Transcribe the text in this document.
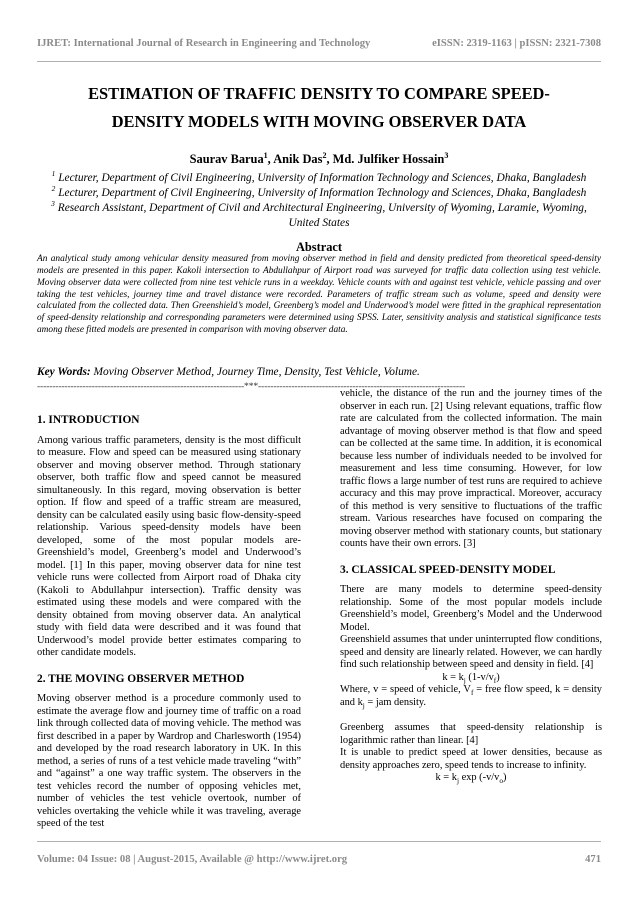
IJRET: International Journal of Research in Engineering and Technology	eISSN: 2319-1163 | pISSN: 2321-7308
ESTIMATION OF TRAFFIC DENSITY TO COMPARE SPEED-
DENSITY MODELS WITH MOVING OBSERVER DATA
Saurav Barua$^1$, Anik Das$^2$, Md. Julfiker Hossain$^3$
$^1$ Lecturer, Department of Civil Engineering, University of Information Technology and Sciences, Dhaka, Bangladesh
$^2$ Lecturer, Department of Civil Engineering, University of Information Technology and Sciences, Dhaka, Bangladesh
$^3$ Research Assistant, Department of Civil and Architectural Engineering, University of Wyoming, Laramie, Wyoming, United States
Abstract
An analytical study among vehicular density measured from moving observer method in field and density predicted from theoretical speed-density models are presented in this paper. Kakoli intersection to Abdullahpur of Airport road was surveyed for traffic data collection using test vehicle. Moving observer data were collected from nine test vehicle runs in a weekday. Vehicle counts with and against test vehicle, vehicle passing and over taking the test vehicles, journey time and travel distance were recorded. Parameters of traffic stream such as volume, speed and density were calculated from the collected data. Then Greenshield’s model, Greenberg’s model and Underwood’s model were fitted in the graphical representation of speed-density relationship and corresponding parameters were determined using SPSS. Later, sensitivity analysis and statistical significance tests among these fitted models are presented in comparison with moving observer data.
Key Words: Moving Observer Method, Journey Time, Density, Test Vehicle, Volume.
--------------------------------------------------------------------***--------------------------------------------------------------------

1. INTRODUCTION

Among various traffic parameters, density is the most difficult to measure. Flow and speed can be measured using stationary observer and moving observer method. Through stationary observer, both traffic flow and speed cannot be measured simultaneously. In this regard, moving observation is better option. If flow and speed of a traffic stream are measured, density can be calculated easily using basic flow-density-speed relationship. Various speed-density models have been developed, some of the most popular models are- Greenshield’s model, Greenberg’s model and Underwood’s model. [1] In this paper, moving observer data for nine test vehicle runs were collected from Airport road of Dhaka city (Kakoli to Abdullahpur intersection). Traffic density was estimated using these models and were compared with the density obtained from moving observer data. An analytical study with field data were described and it was found that Underwood’s model provide better estimates comparing to other candidate models.

2. THE MOVING OBSERVER METHOD

Moving observer method is a procedure commonly used to estimate the average flow and journey time of traffic on a road link through collected data of moving vehicle. The method was first described in a paper by Wardrop and Charlesworth (1954) and developed by the road research laboratory in UK. In this method, a series of runs of a test vehicle made traveling “with” and “against” a one way traffic system. The observers in the test vehicles record the number of opposing vehicles met, number of vehicles the test vehicle overtook, number of vehicles overtaking the vehicle while it was traveling, average speed of the test

vehicle, the distance of the run and the journey times of the observer in each run. [2] Using relevant equations, traffic flow rate are calculated from the collected information. The main advantage of moving observer method is that flow and speed can be collected at the same time. In addition, it is economical because less number of individuals needed to be involved for measurement and less time consuming. However, for low traffic flows a large number of test runs are required to achieve accuracy and this may prove impractical. Moreover, accuracy of this method is very sensitive to fluctuations of the traffic stream. Various researches have focused on comparing the moving observer method with stationary counts, but stationary counts have their own errors. [3]

3. CLASSICAL SPEED-DENSITY MODEL

There are many models to determine speed-density relationship. Some of the most popular models include Greenshield’s model, Greenberg’s Model and the Underwood Model.

Greenshield assumes that under uninterrupted flow conditions, speed and density are linearly related. However, we can hardly find such relationship between speed and density in field. [4]

$k = k_j$ $(1-v/v_f)$

Where, v = speed of vehicle, $V_f$ = free flow speed, k = density and $k_j$ = jam density.

Greenberg assumes that speed-density relationship is logarithmic rather than linear. [4]

It is unable to predict speed at lower densities, because as density approaches zero, speed tends to increase to infinity.

$k = k_j$ $\exp (-v/v_o)$

Volume: 04 Issue: 08 | August-2015, Available @ http://www.ijret.org	471
